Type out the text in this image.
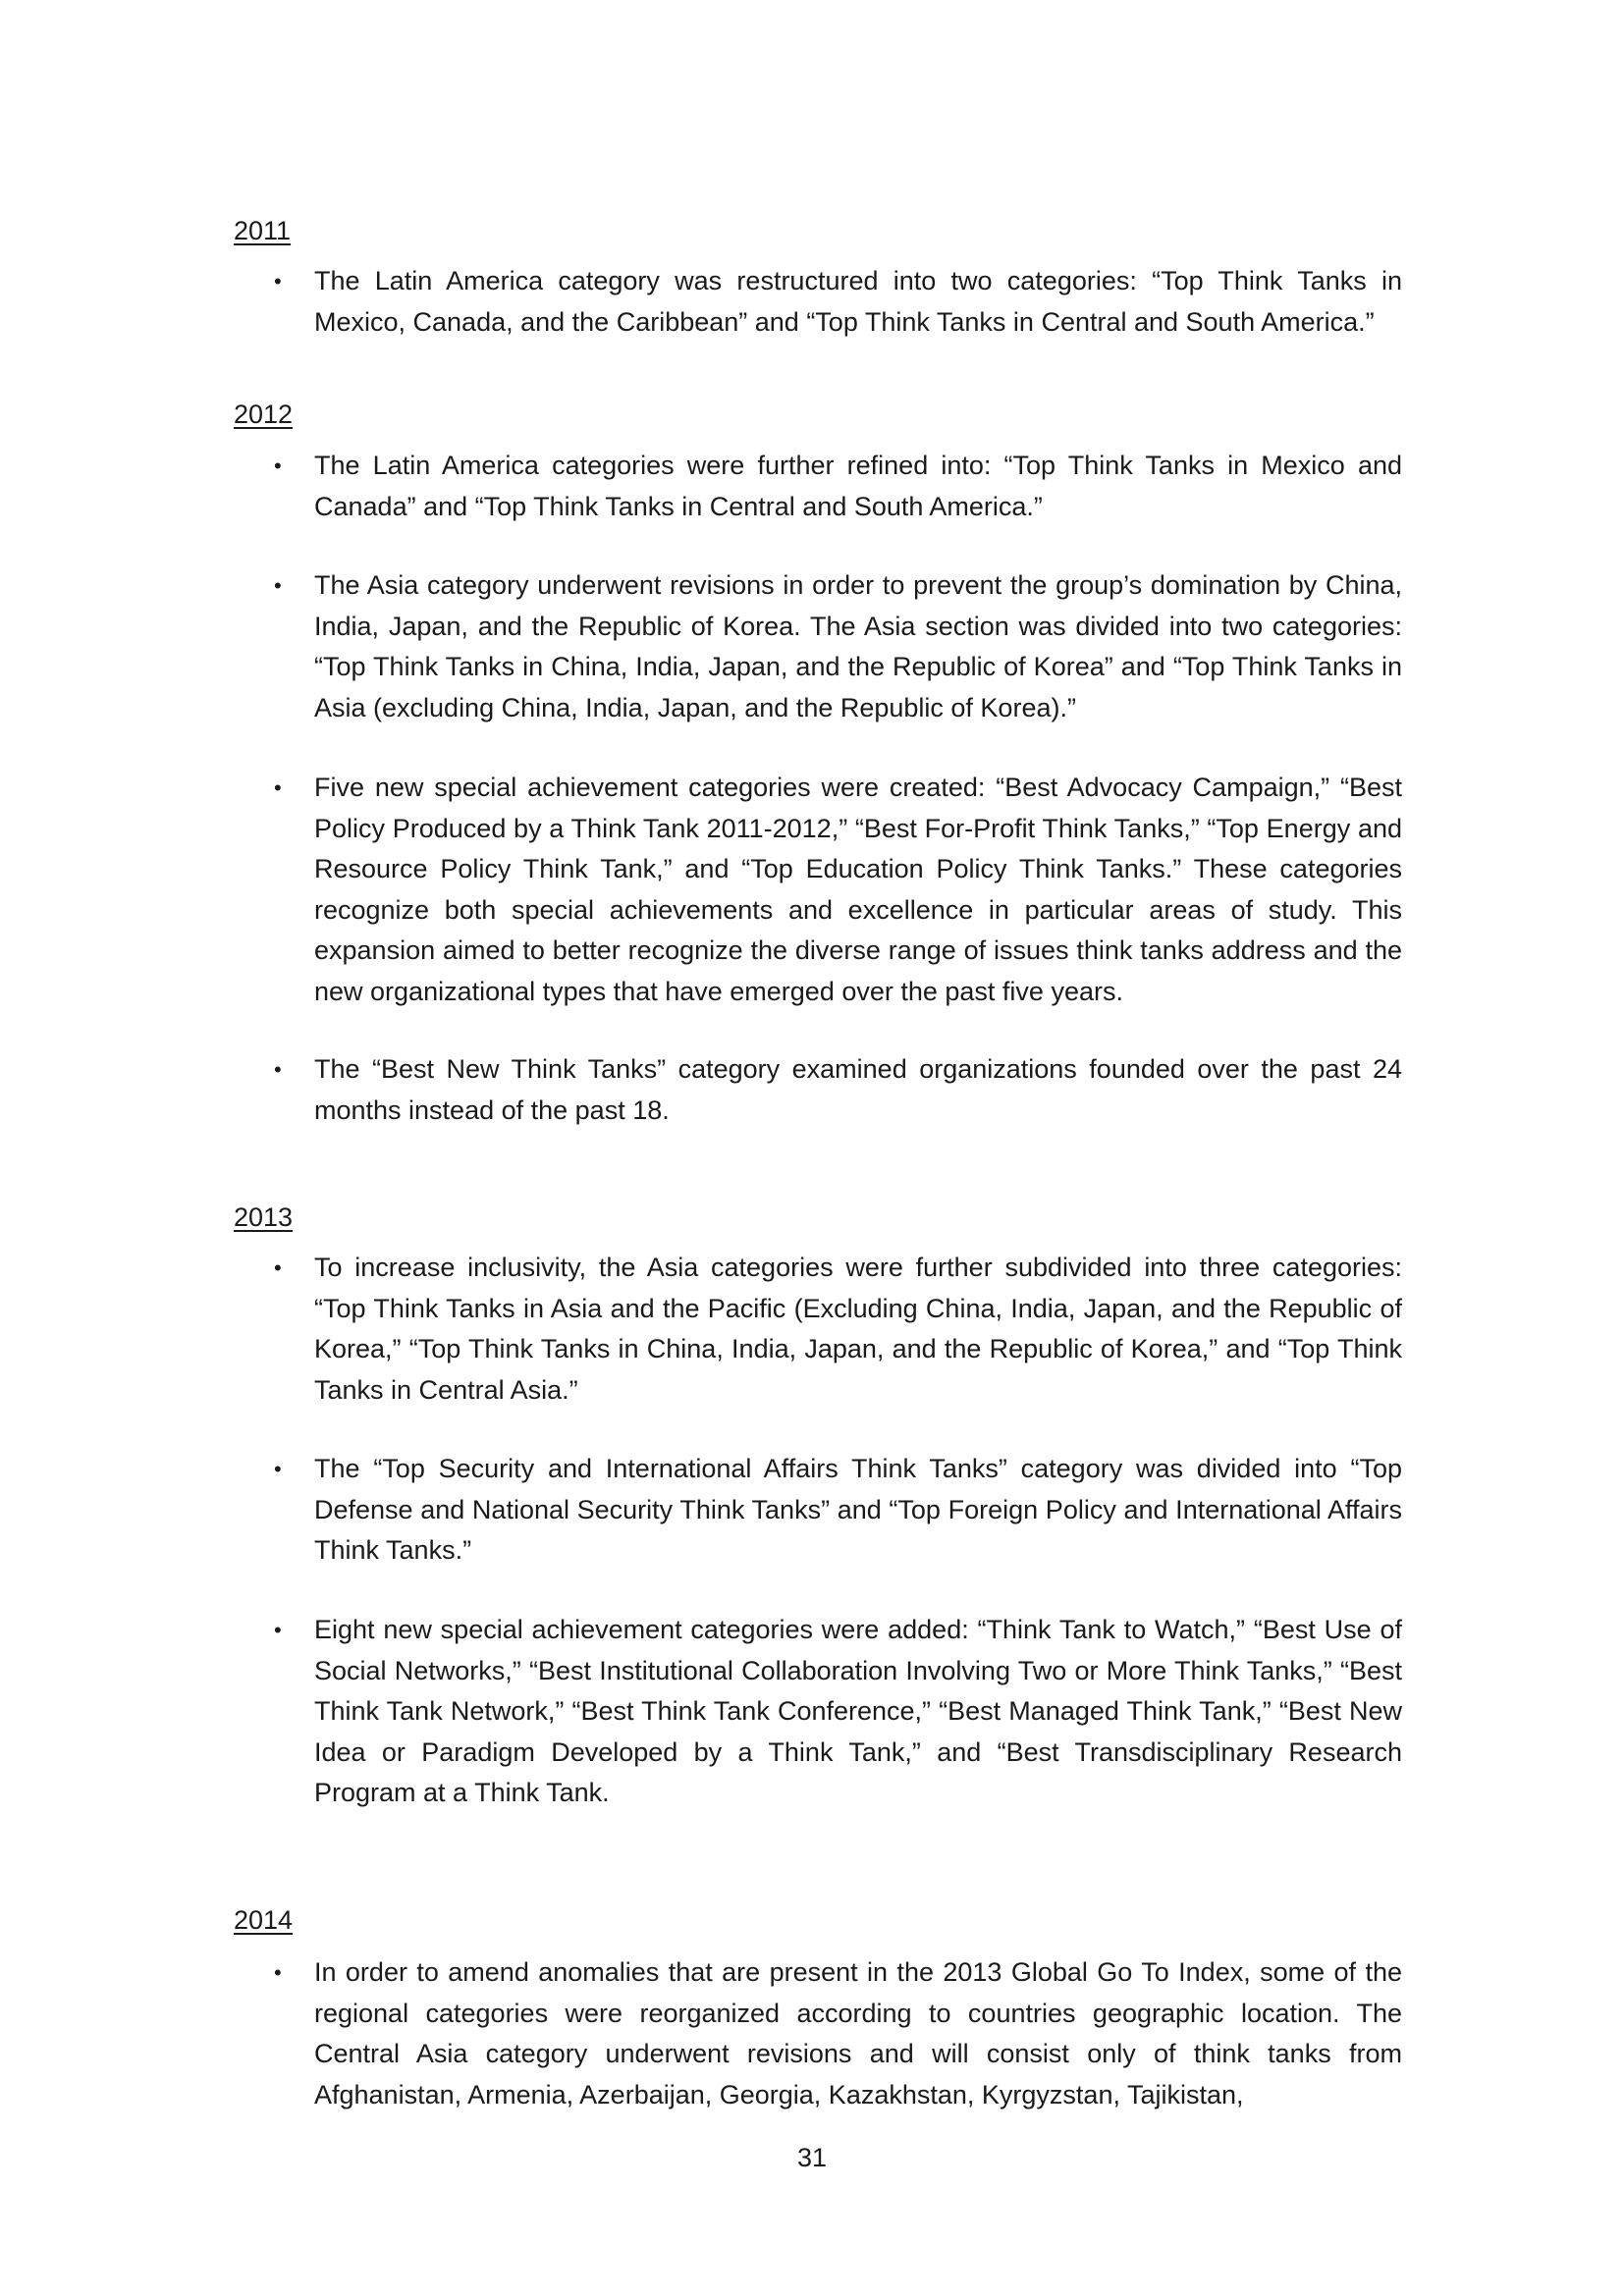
2011
• The Latin America category was restructured into two categories: “Top Think Tanks in Mexico, Canada, and the Caribbean” and “Top Think Tanks in Central and South America.”

2012
• The Latin America categories were further refined into: “Top Think Tanks in Mexico and Canada” and “Top Think Tanks in Central and South America.”

• The Asia category underwent revisions in order to prevent the group’s domination by China, India, Japan, and the Republic of Korea. The Asia section was divided into two categories: “Top Think Tanks in China, India, Japan, and the Republic of Korea” and “Top Think Tanks in Asia (excluding China, India, Japan, and the Republic of Korea).”

• Five new special achievement categories were created: “Best Advocacy Campaign,” “Best Policy Produced by a Think Tank 2011-2012,” “Best For-Profit Think Tanks,” “Top Energy and Resource Policy Think Tank,” and “Top Education Policy Think Tanks.” These categories recognize both special achievements and excellence in particular areas of study. This expansion aimed to better recognize the diverse range of issues think tanks address and the new organizational types that have emerged over the past five years.

• The “Best New Think Tanks” category examined organizations founded over the past 24 months instead of the past 18.

2013
• To increase inclusivity, the Asia categories were further subdivided into three categories: “Top Think Tanks in Asia and the Pacific (Excluding China, India, Japan, and the Republic of Korea,” “Top Think Tanks in China, India, Japan, and the Republic of Korea,” and “Top Think Tanks in Central Asia.”

• The “Top Security and International Affairs Think Tanks” category was divided into “Top Defense and National Security Think Tanks” and “Top Foreign Policy and International Affairs Think Tanks.”

• Eight new special achievement categories were added: “Think Tank to Watch,” “Best Use of Social Networks,” “Best Institutional Collaboration Involving Two or More Think Tanks,” “Best Think Tank Network,” “Best Think Tank Conference,” “Best Managed Think Tank,” “Best New Idea or Paradigm Developed by a Think Tank,” and “Best Transdisciplinary Research Program at a Think Tank.

2014
• In order to amend anomalies that are present in the 2013 Global Go To Index, some of the regional categories were reorganized according to countries geographic location. The Central Asia category underwent revisions and will consist only of think tanks from Afghanistan, Armenia, Azerbaijan, Georgia, Kazakhstan, Kyrgyzstan, Tajikistan,

31
